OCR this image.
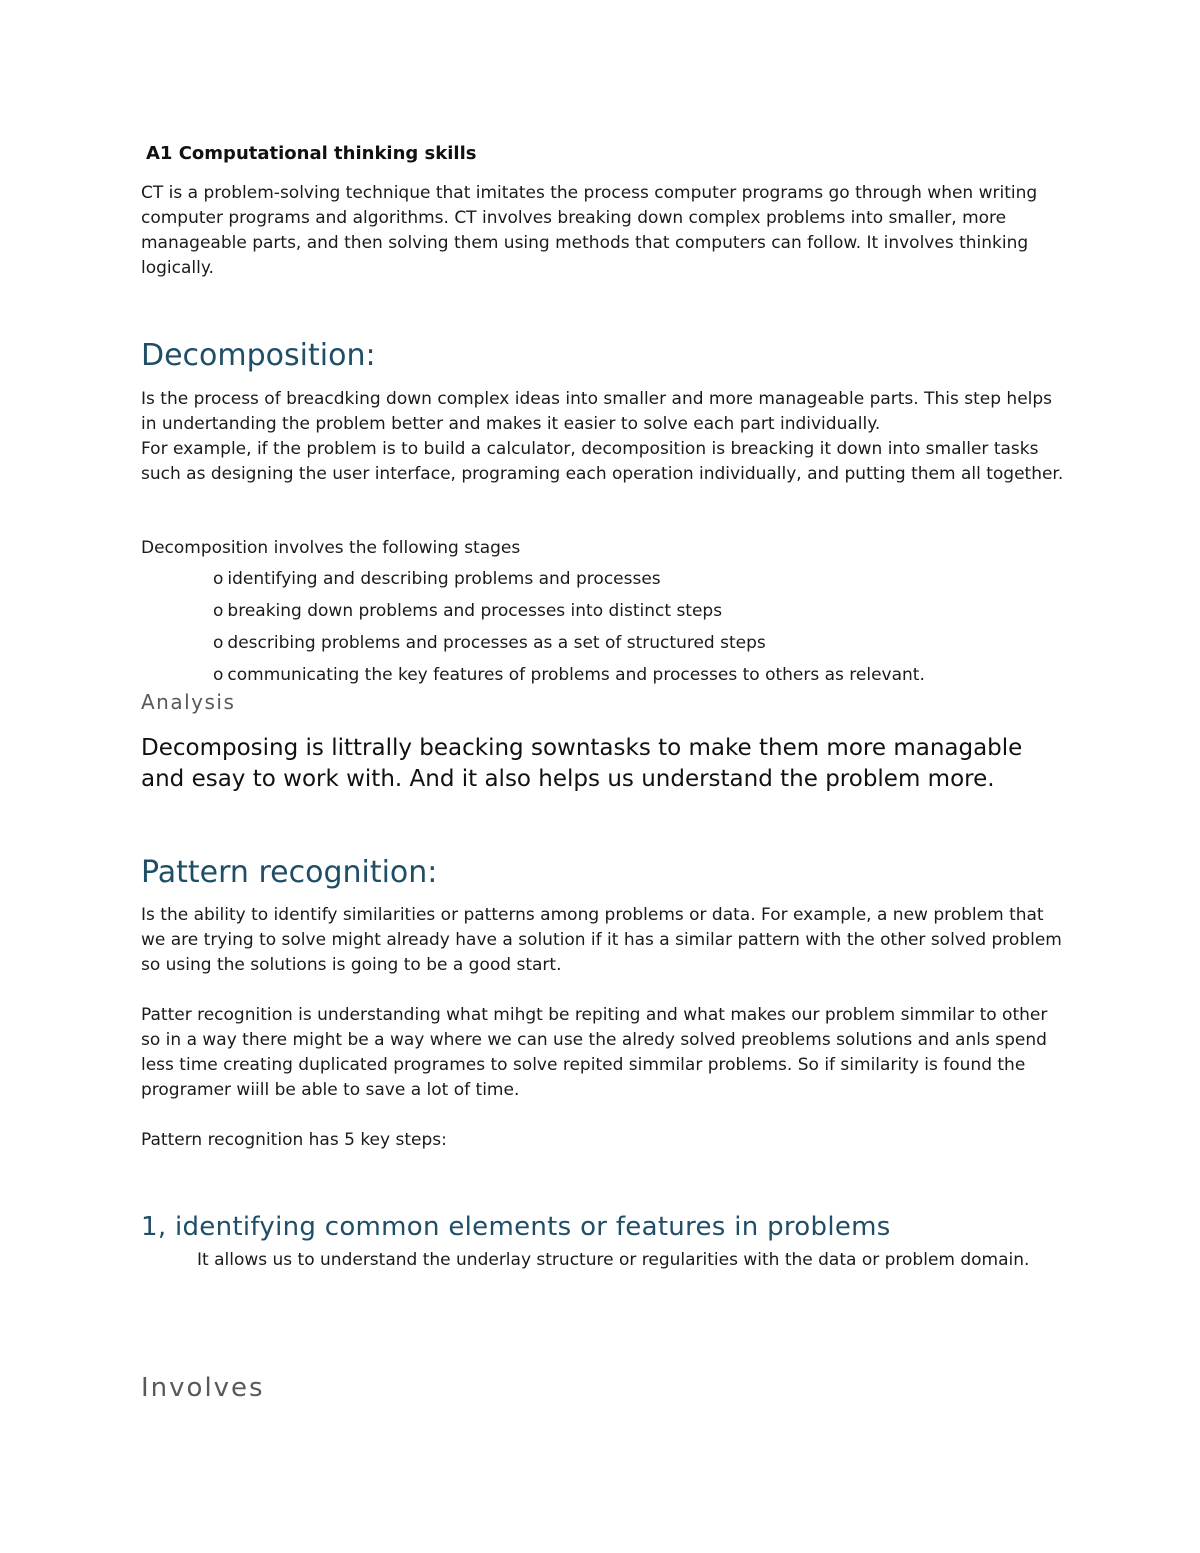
A1 Computational thinking skills

CT is a problem-solving technique that imitates the process computer programs go through when writing computer programs and algorithms. CT involves breaking down complex problems into smaller, more manageable parts, and then solving them using methods that computers can follow. It involves thinking logically.

Decomposition:

Is the process of breacdking down complex ideas into smaller and more manageable parts. This step helps in undertanding the problem better and makes it easier to solve each part individually.

For example, if the problem is to build a calculator, decomposition is breacking it down into smaller tasks such as designing the user interface, programing each operation individually, and putting them all together.

Decomposition involves the following stages

o identifying and describing problems and processes
o breaking down problems and processes into distinct steps
o describing problems and processes as a set of structured steps
o communicating the key features of problems and processes to others as relevant.
Analysis

Decomposing is littrally beacking sowntasks to make them more managable and esay to work with. And it also helps us understand the problem more.

Pattern recognition:

Is the ability to identify similarities or patterns among problems or data. For example, a new problem that we are trying to solve might already have a solution if it has a similar pattern with the other solved problem so using the solutions is going to be a good start.

Patter recognition is understanding what mihgt be repiting and what makes our problem simmilar to other so in a way there might be a way where we can use the alredy solved preoblems solutions and anls spend less time creating duplicated programes to solve repited simmilar problems. So if similarity is found the programer wiill be able to save a lot of time.

Pattern recognition has 5 key steps:

1, identifying common elements or features in problems

It allows us to understand the underlay structure or regularities with the data or problem domain.

Involves
